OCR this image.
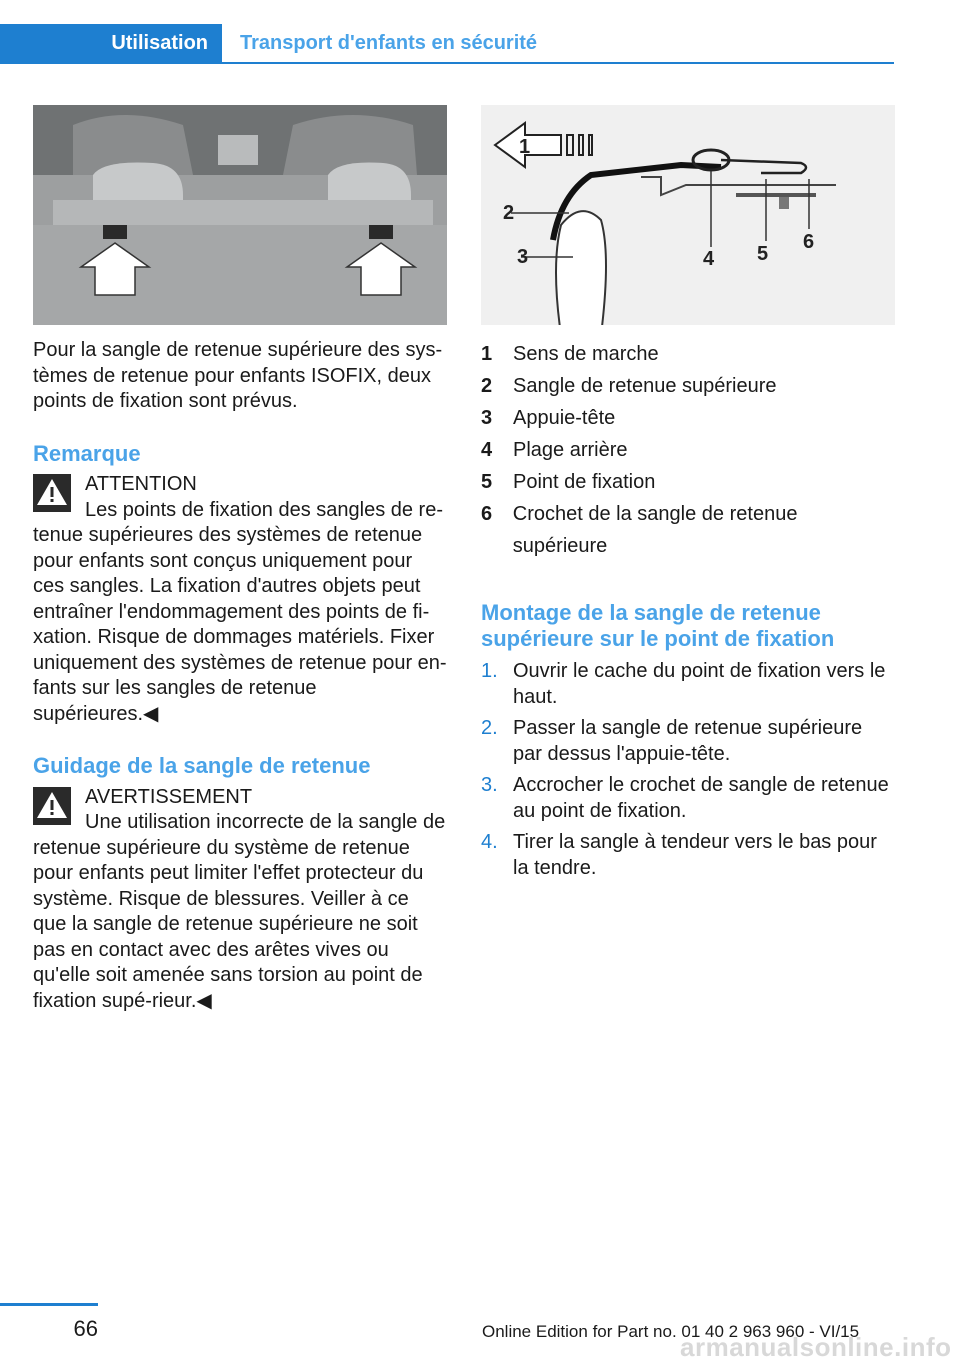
Utilisation	Transport d'enfants en sécurité
1
2
3	4 5
6

Pour la sangle de retenue supérieure des sys-tèmes de retenue pour enfants ISOFIX, deux points de fixation sont prévus.

Remarque

ATTENTION

Les points de fixation des sangles de re-
tenue supérieures des systèmes de retenue pour enfants sont conçus uniquement pour ces sangles. La fixation d'autres objets peut entraîner l'endommagement des points de fi-xation. Risque de dommages matériels. Fixer uniquement des systèmes de retenue pour en-fants sur les sangles de retenue supérieures.◀

Guidage de la sangle de retenue

AVERTISSEMENT

Une utilisation incorrecte de la sangle de
retenue supérieure du système de retenue pour enfants peut limiter l'effet protecteur du système. Risque de blessures. Veiller à ce que la sangle de retenue supérieure ne soit pas en contact avec des arêtes vives ou qu'elle soit amenée sans torsion au point de fixation supé-rieur.◀

1	Sens de marche
2	Sangle de retenue supérieure
3	Appuie-tête
4	Plage arrière
5	Point de fixation
6	Crochet de la sangle de retenue supérieure

Montage de la sangle de retenue supérieure sur le point de fixation

1. Ouvrir le cache du point de fixation vers le haut.
2. Passer la sangle de retenue supérieure par dessus l'appuie-tête.
3. Accrocher le crochet de sangle de retenue au point de fixation.
4. Tirer la sangle à tendeur vers le bas pour la tendre.
66	Online Edition for Part no. 01 40 2 963 960 - VI/15
armanualsonline.info
